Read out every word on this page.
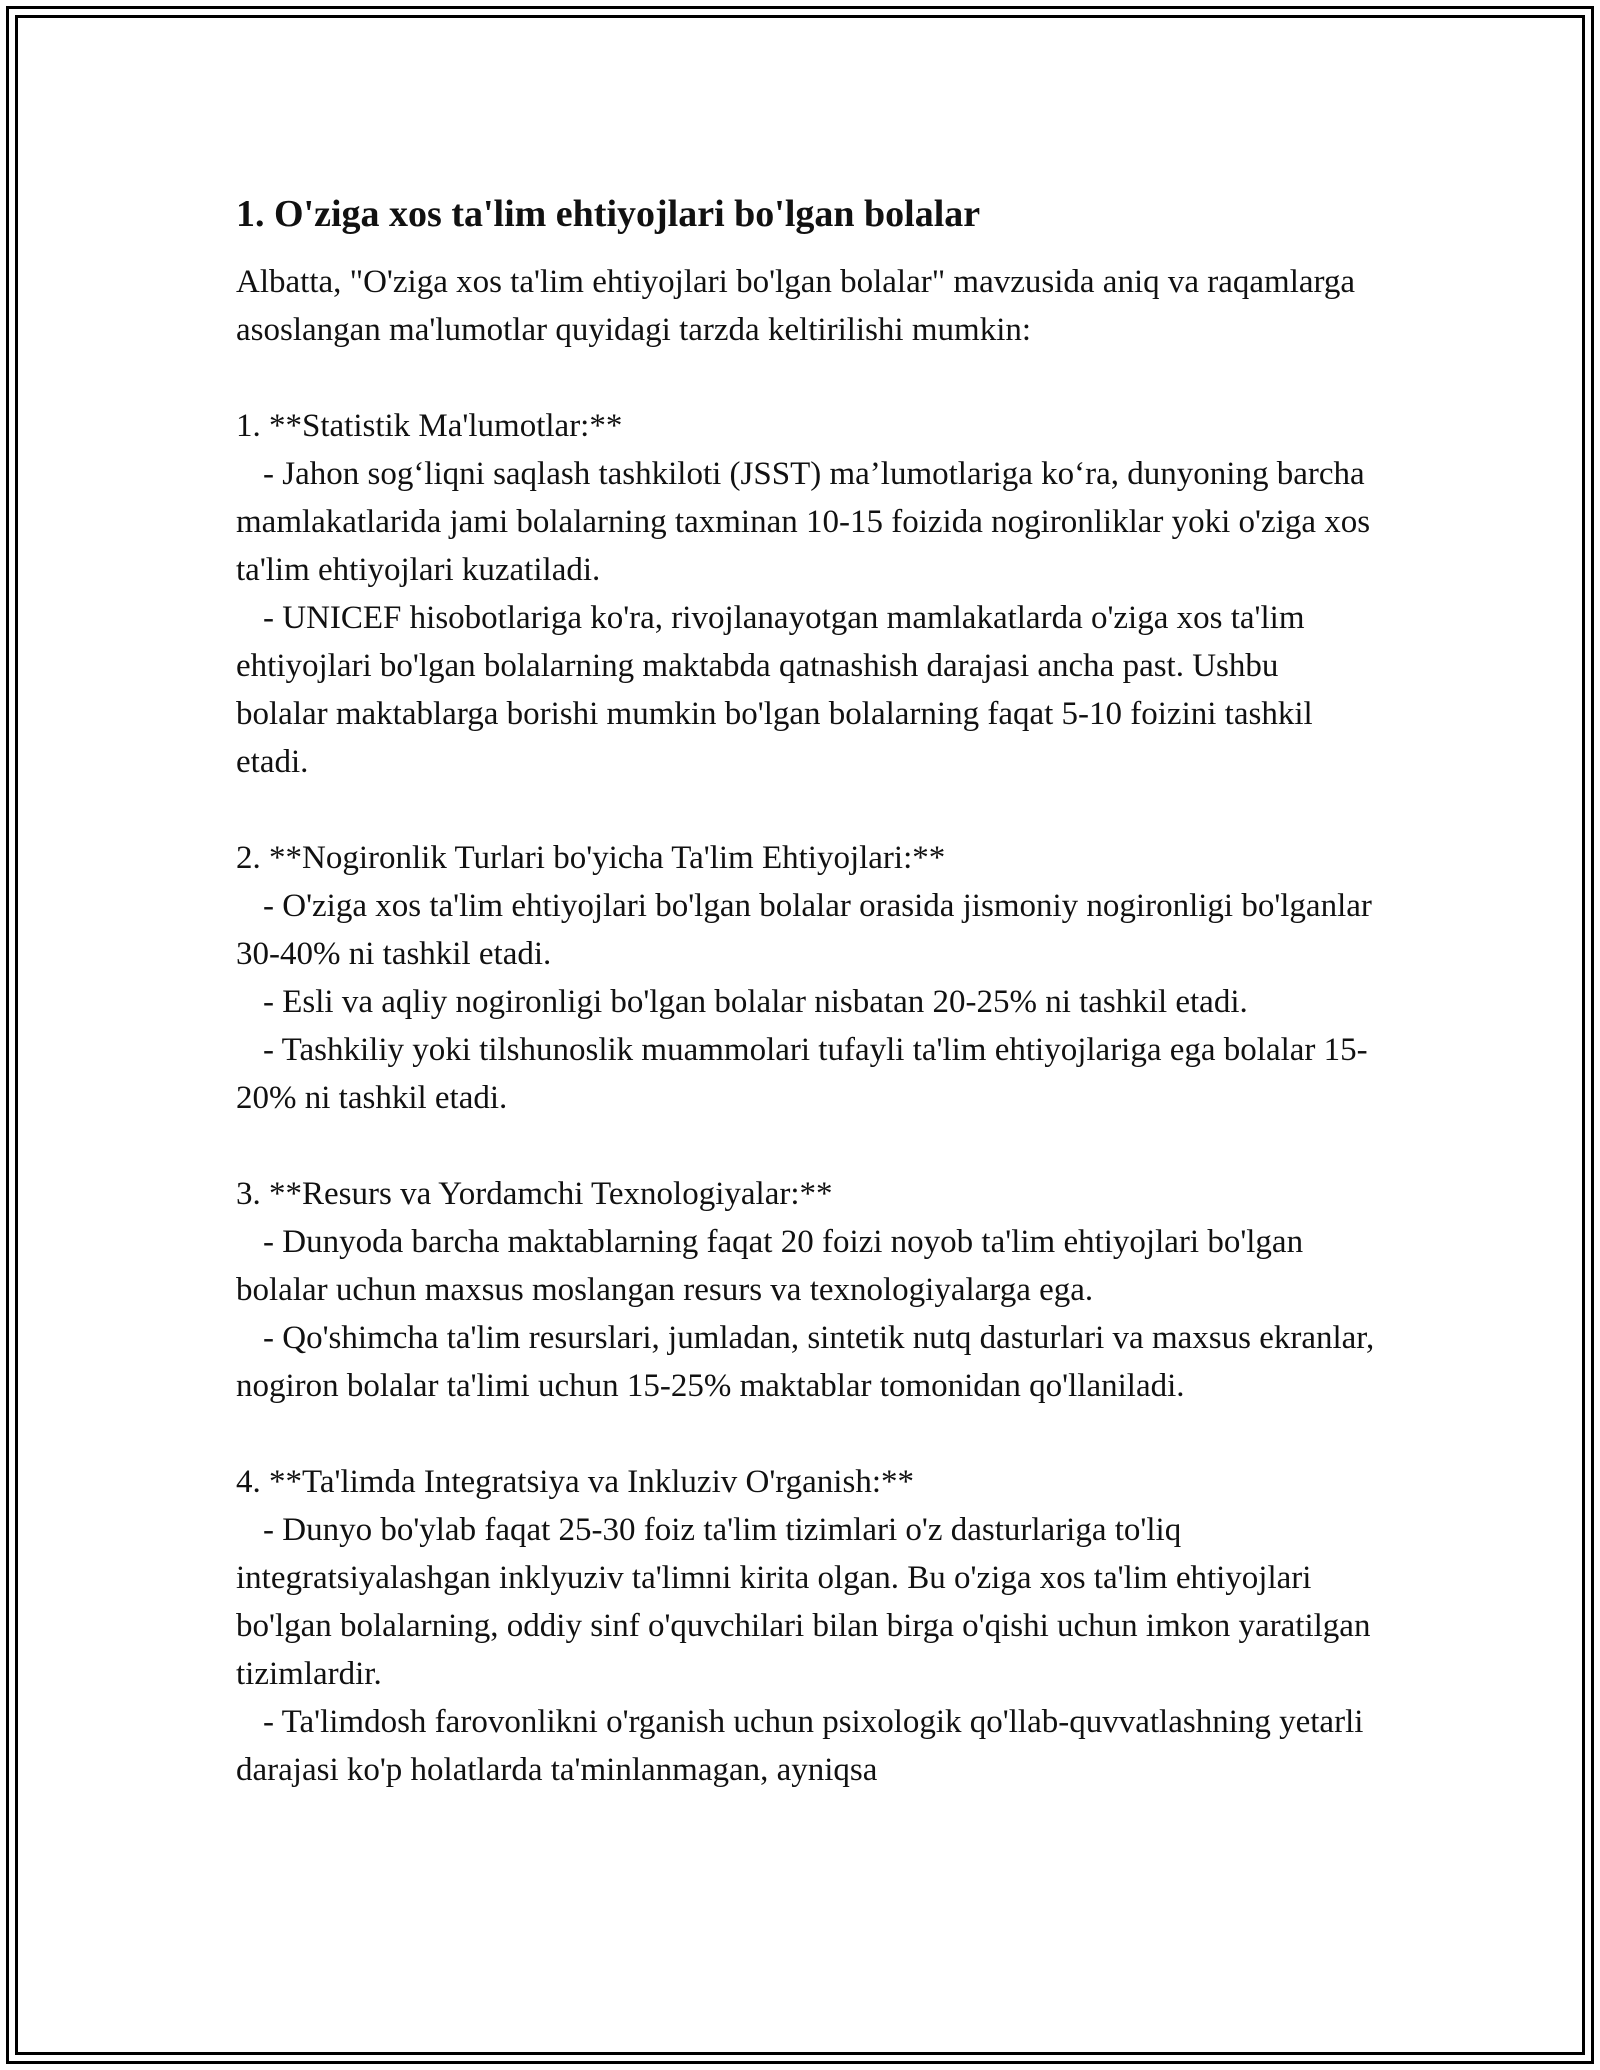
1. O'ziga xos ta'lim ehtiyojlari bo'lgan bolalar

Albatta, "O'ziga xos ta'lim ehtiyojlari bo'lgan bolalar" mavzusida aniq va raqamlarga asoslangan ma'lumotlar quyidagi tarzda keltirilishi mumkin:

1. **Statistik Ma'lumotlar:**

- Jahon sog‘liqni saqlash tashkiloti (JSST) ma’lumotlariga ko‘ra, dunyoning barcha mamlakatlarida jami bolalarning taxminan 10-15 foizida nogironliklar yoki o'ziga xos ta'lim ehtiyojlari kuzatiladi.

- UNICEF hisobotlariga ko'ra, rivojlanayotgan mamlakatlarda o'ziga xos ta'lim ehtiyojlari bo'lgan bolalarning maktabda qatnashish darajasi ancha past. Ushbu bolalar maktablarga borishi mumkin bo'lgan bolalarning faqat 5-10 foizini tashkil etadi.

2. **Nogironlik Turlari bo'yicha Ta'lim Ehtiyojlari:**

- O'ziga xos ta'lim ehtiyojlari bo'lgan bolalar orasida jismoniy nogironligi bo'lganlar 30-40% ni tashkil etadi.

- Esli va aqliy nogironligi bo'lgan bolalar nisbatan 20-25% ni tashkil etadi.

- Tashkiliy yoki tilshunoslik muammolari tufayli ta'lim ehtiyojlariga ega bolalar 15-20% ni tashkil etadi.

3. **Resurs va Yordamchi Texnologiyalar:**

- Dunyoda barcha maktablarning faqat 20 foizi noyob ta'lim ehtiyojlari bo'lgan bolalar uchun maxsus moslangan resurs va texnologiyalarga ega.

- Qo'shimcha ta'lim resurslari, jumladan, sintetik nutq dasturlari va maxsus ekranlar, nogiron bolalar ta'limi uchun 15-25% maktablar tomonidan qo'llaniladi.

4. **Ta'limda Integratsiya va Inkluziv O'rganish:**

- Dunyo bo'ylab faqat 25-30 foiz ta'lim tizimlari o'z dasturlariga to'liq integratsiyalashgan inklyuziv ta'limni kirita olgan. Bu o'ziga xos ta'lim ehtiyojlari bo'lgan bolalarning, oddiy sinf o'quvchilari bilan birga o'qishi uchun imkon yaratilgan tizimlardir.

- Ta'limdosh farovonlikni o'rganish uchun psixologik qo'llab-quvvatlashning yetarli darajasi ko'p holatlarda ta'minlanmagan, ayniqsa
